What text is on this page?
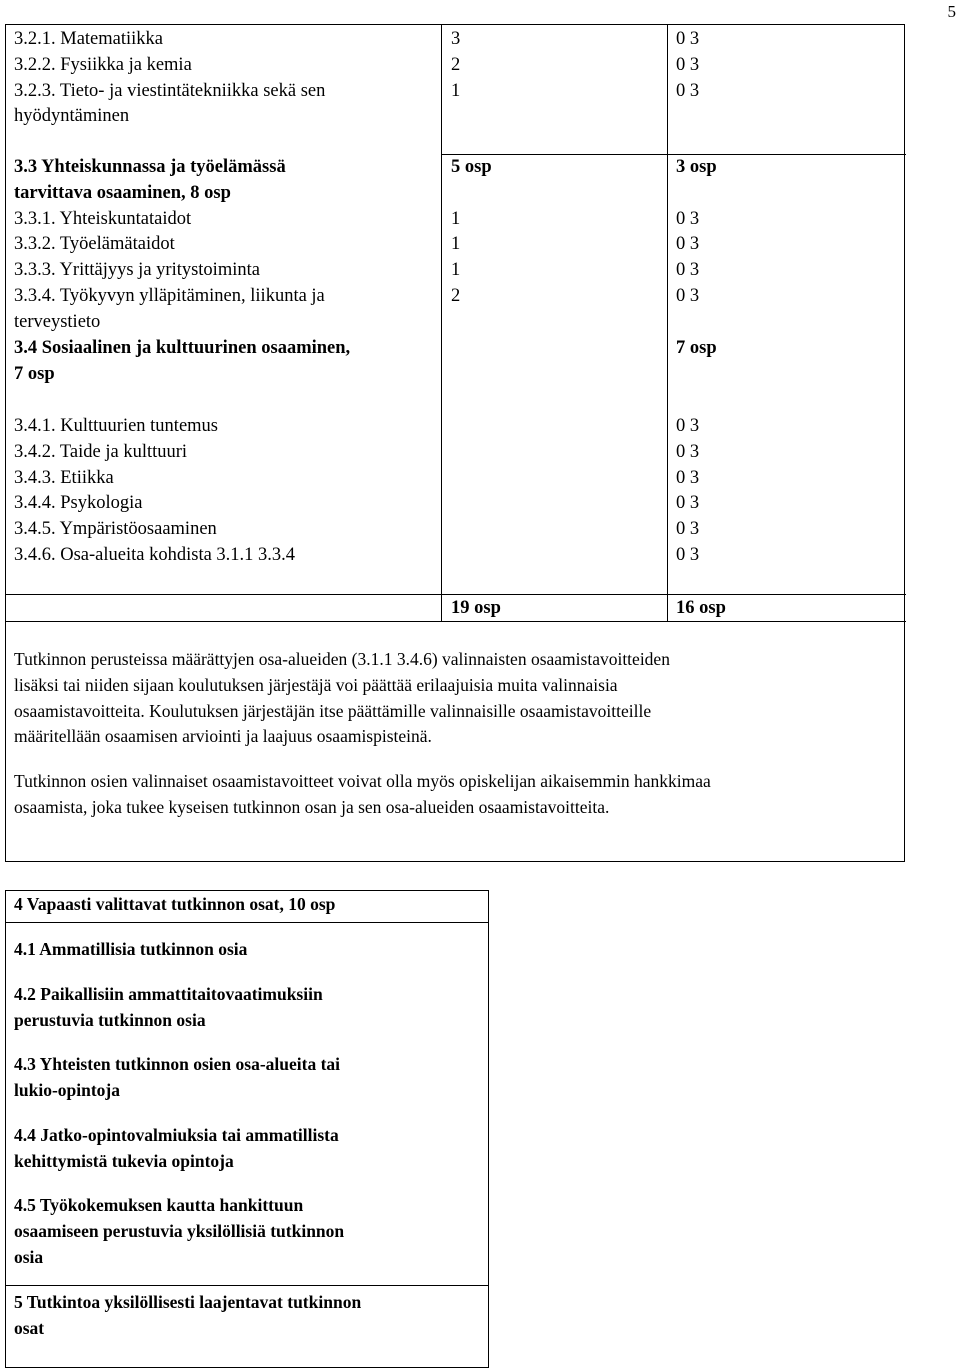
5
3.2.1. Matematiikka
3.2.2. Fysiikka ja kemia
3.2.3. Tieto- ja viestintätekniikka sekä sen
hyödyntäminen
3
2
1
0 3
0 3
0 3
3.3 Yhteiskunnassa ja työelämässä
tarvittava osaaminen, 8 osp
3.3.1. Yhteiskuntataidot
3.3.2. Työelämätaidot
3.3.3. Yrittäjyys ja yritystoiminta
3.3.4. Työkyvyn ylläpitäminen, liikunta ja
terveystieto
5 osp

1
1
1
2
3 osp

0 3
0 3
0 3
0 3
3.4 Sosiaalinen ja kulttuurinen osaaminen,
7 osp
7 osp
3.4.1. Kulttuurien tuntemus
3.4.2. Taide ja kulttuuri
3.4.3. Etiikka
3.4.4. Psykologia
3.4.5. Ympäristöosaaminen
3.4.6. Osa-alueita kohdista 3.1.1 3.3.4
0 3
0 3
0 3
0 3
0 3
0 3
19 osp	16 osp
Tutkinnon perusteissa määrättyjen osa-alueiden (3.1.1 3.4.6) valinnaisten osaamistavoitteiden
lisäksi tai niiden sijaan koulutuksen järjestäjä voi päättää erilaajuisia muita valinnaisia
osaamistavoitteita. Koulutuksen järjestäjän itse päättämille valinnaisille osaamistavoitteille
määritellään osaamisen arviointi ja laajuus osaamispisteinä.
Tutkinnon osien valinnaiset osaamistavoitteet voivat olla myös opiskelijan aikaisemmin hankkimaa
osaamista, joka tukee kyseisen tutkinnon osan ja sen osa-alueiden osaamistavoitteita.
4 Vapaasti valittavat tutkinnon osat, 10 osp
4.1 Ammatillisia tutkinnon osia
4.2 Paikallisiin ammattitaitovaatimuksiin
perustuvia tutkinnon osia
4.3 Yhteisten tutkinnon osien osa-alueita tai
lukio-opintoja
4.4 Jatko-opintovalmiuksia tai ammatillista
kehittymistä tukevia opintoja
4.5 Työkokemuksen kautta hankittuun
osaamiseen perustuvia yksilöllisiä tutkinnon
osia
5 Tutkintoa yksilöllisesti laajentavat tutkinnon
osat
